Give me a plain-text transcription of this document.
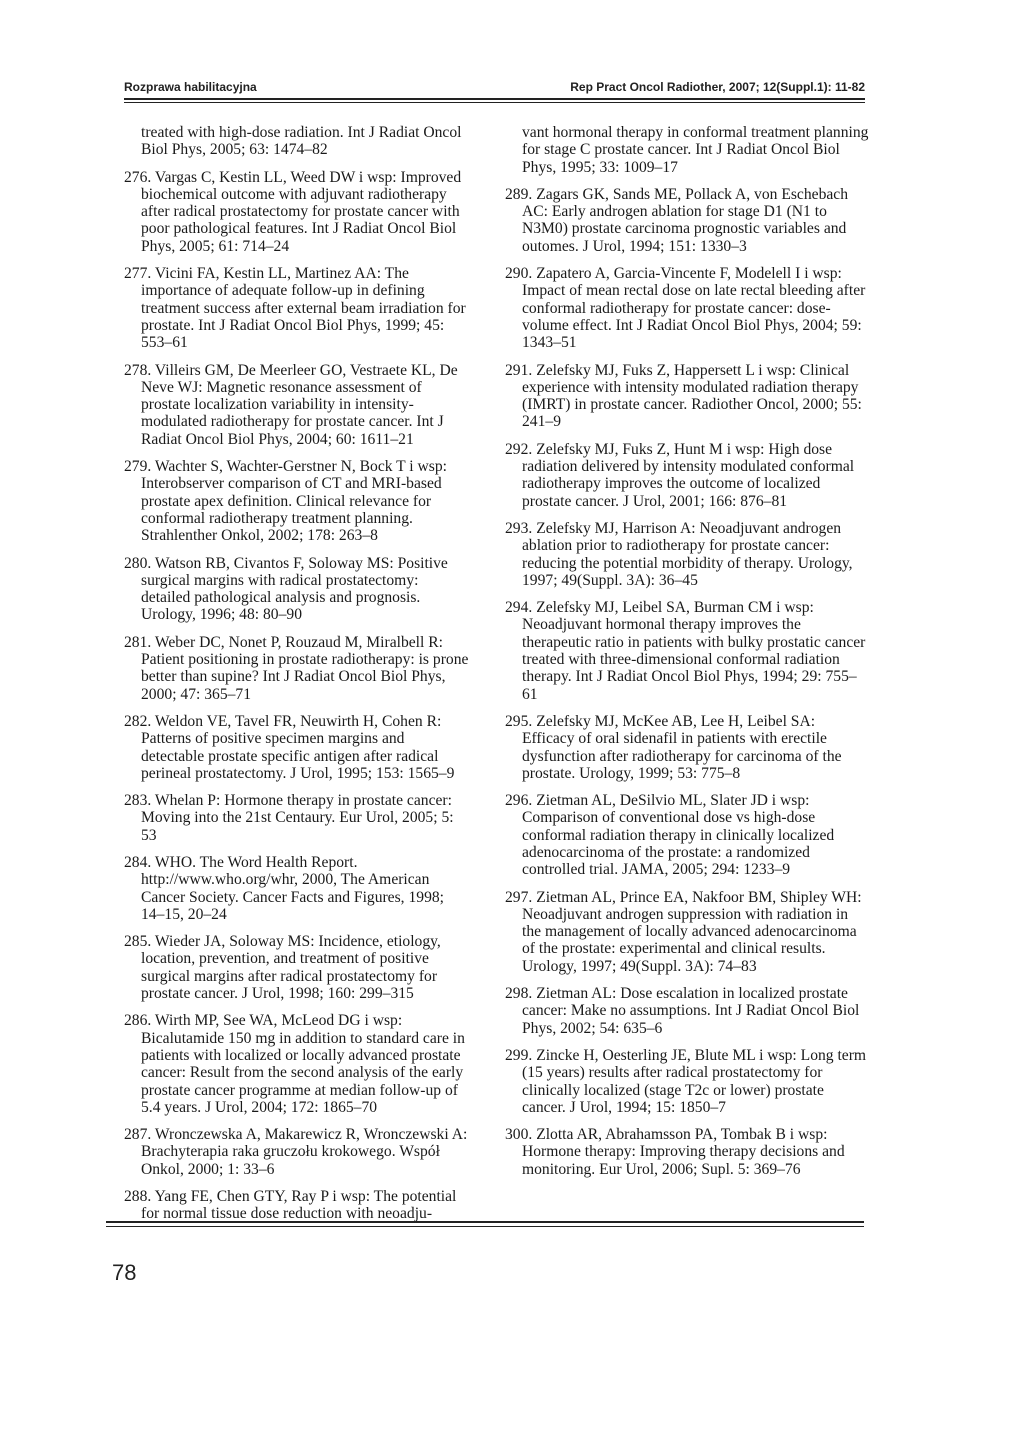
Rozprawa habilitacyjna	Rep Pract Oncol Radiother, 2007; 12(Suppl.1): 11-82

treated with high-dose radiation. Int J Radiat Oncol Biol Phys, 2005; 63: 1474–82

276. Vargas C, Kestin LL, Weed DW i wsp: Improved biochemical outcome with adjuvant radiotherapy after radical prostatectomy for prostate cancer with poor pathological features. Int J Radiat Oncol Biol Phys, 2005; 61: 714–24

277. Vicini FA, Kestin LL, Martinez AA: The importance of adequate follow-up in defining treatment success after external beam irradiation for prostate. Int J Radiat Oncol Biol Phys, 1999; 45: 553–61

278. Villeirs GM, De Meerleer GO, Vestraete KL, De Neve WJ: Magnetic resonance assessment of prostate localization variability in intensity-modulated radiotherapy for prostate cancer. Int J Radiat Oncol Biol Phys, 2004; 60: 1611–21

279. Wachter S, Wachter-Gerstner N, Bock T i wsp: Interobserver comparison of CT and MRI-based prostate apex definition. Clinical relevance for conformal radiotherapy treatment planning. Strahlenther Onkol, 2002; 178: 263–8

280. Watson RB, Civantos F, Soloway MS: Positive surgical margins with radical prostatectomy: detailed pathological analysis and prognosis. Urology, 1996; 48: 80–90

281. Weber DC, Nonet P, Rouzaud M, Miralbell R: Patient positioning in prostate radiotherapy: is prone better than supine? Int J Radiat Oncol Biol Phys, 2000; 47: 365–71

282. Weldon VE, Tavel FR, Neuwirth H, Cohen R: Patterns of positive specimen margins and detectable prostate specific antigen after radical perineal prostatectomy. J Urol, 1995; 153: 1565–9

283. Whelan P: Hormone therapy in prostate cancer: Moving into the 21st Centaury. Eur Urol, 2005; 5: 53

284. WHO. The Word Health Report. http://www.who.org/whr, 2000, The American Cancer Society. Cancer Facts and Figures, 1998; 14–15, 20–24

285. Wieder JA, Soloway MS: Incidence, etiology, location, prevention, and treatment of positive surgical margins after radical prostatectomy for prostate cancer. J Urol, 1998; 160: 299–315

286. Wirth MP, See WA, McLeod DG i wsp: Bicalutamide 150 mg in addition to standard care in patients with localized or locally advanced prostate cancer: Result from the second analysis of the early prostate cancer programme at median follow-up of 5.4 years. J Urol, 2004; 172: 1865–70

287. Wronczewska A, Makarewicz R, Wronczewski A: Brachyterapia raka gruczołu krokowego. Współ Onkol, 2000; 1: 33–6

288. Yang FE, Chen GTY, Ray P i wsp: The potential for normal tissue dose reduction with neoadju-

vant hormonal therapy in conformal treatment planning for stage C prostate cancer. Int J Radiat Oncol Biol Phys, 1995; 33: 1009–17

289. Zagars GK, Sands ME, Pollack A, von Eschebach AC: Early androgen ablation for stage D1 (N1 to N3M0) prostate carcinoma prognostic variables and outomes. J Urol, 1994; 151: 1330–3

290. Zapatero A, Garcia-Vincente F, Modelell I i wsp: Impact of mean rectal dose on late rectal bleeding after conformal radiotherapy for prostate cancer: dose-volume effect. Int J Radiat Oncol Biol Phys, 2004; 59: 1343–51

291. Zelefsky MJ, Fuks Z, Happersett L i wsp: Clinical experience with intensity modulated radiation therapy (IMRT) in prostate cancer. Radiother Oncol, 2000; 55: 241–9

292. Zelefsky MJ, Fuks Z, Hunt M i wsp: High dose radiation delivered by intensity modulated conformal radiotherapy improves the outcome of localized prostate cancer. J Urol, 2001; 166: 876–81

293. Zelefsky MJ, Harrison A: Neoadjuvant androgen ablation prior to radiotherapy for prostate cancer: reducing the potential morbidity of therapy. Urology, 1997; 49(Suppl. 3A): 36–45

294. Zelefsky MJ, Leibel SA, Burman CM i wsp: Neoadjuvant hormonal therapy improves the therapeutic ratio in patients with bulky prostatic cancer treated with three-dimensional conformal radiation therapy. Int J Radiat Oncol Biol Phys, 1994; 29: 755–61

295. Zelefsky MJ, McKee AB, Lee H, Leibel SA: Efficacy of oral sidenafil in patients with erectile dysfunction after radiotherapy for carcinoma of the prostate. Urology, 1999; 53: 775–8

296. Zietman AL, DeSilvio ML, Slater JD i wsp: Comparison of conventional dose vs high-dose conformal radiation therapy in clinically localized adenocarcinoma of the prostate: a randomized controlled trial. JAMA, 2005; 294: 1233–9

297. Zietman AL, Prince EA, Nakfoor BM, Shipley WH: Neoadjuvant androgen suppression with radiation in the management of locally advanced adenocarcinoma of the prostate: experimental and clinical results. Urology, 1997; 49(Suppl. 3A): 74–83

298. Zietman AL: Dose escalation in localized prostate cancer: Make no assumptions. Int J Radiat Oncol Biol Phys, 2002; 54: 635–6

299. Zincke H, Oesterling JE, Blute ML i wsp: Long term (15 years) results after radical prostatectomy for clinically localized (stage T2c or lower) prostate cancer. J Urol, 1994; 15: 1850–7

300. Zlotta AR, Abrahamsson PA, Tombak B i wsp: Hormone therapy: Improving therapy decisions and monitoring. Eur Urol, 2006; Supl. 5: 369–76

78
